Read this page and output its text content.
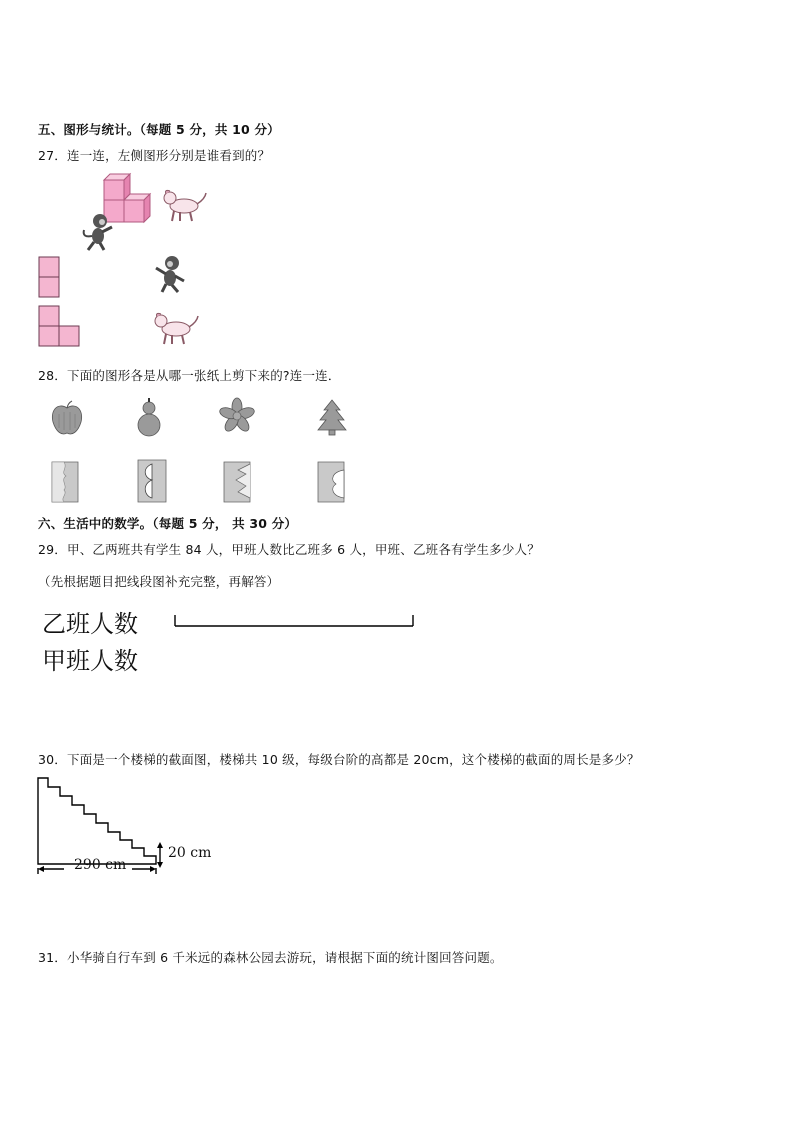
五、图形与统计。（每题 5 分，共 10 分）
27．连一连，左侧图形分别是谁看到的？
28．下面的图形各是从哪一张纸上剪下来的?连一连．
六、生活中的数学。（每题 5 分， 共 30 分）
29．甲、乙两班共有学生 84 人，甲班人数比乙班多 6 人，甲班、乙班各有学生多少人？
（先根据题目把线段图补充完整，再解答）
乙班人数
甲班人数
30．下面是一个楼梯的截面图，楼梯共 10 级，每级台阶的高都是 20cm，这个楼梯的截面的周长是多少？
290 cm
20 cm
31．小华骑自行车到 6 千米远的森林公园去游玩，请根据下面的统计图回答问题。
